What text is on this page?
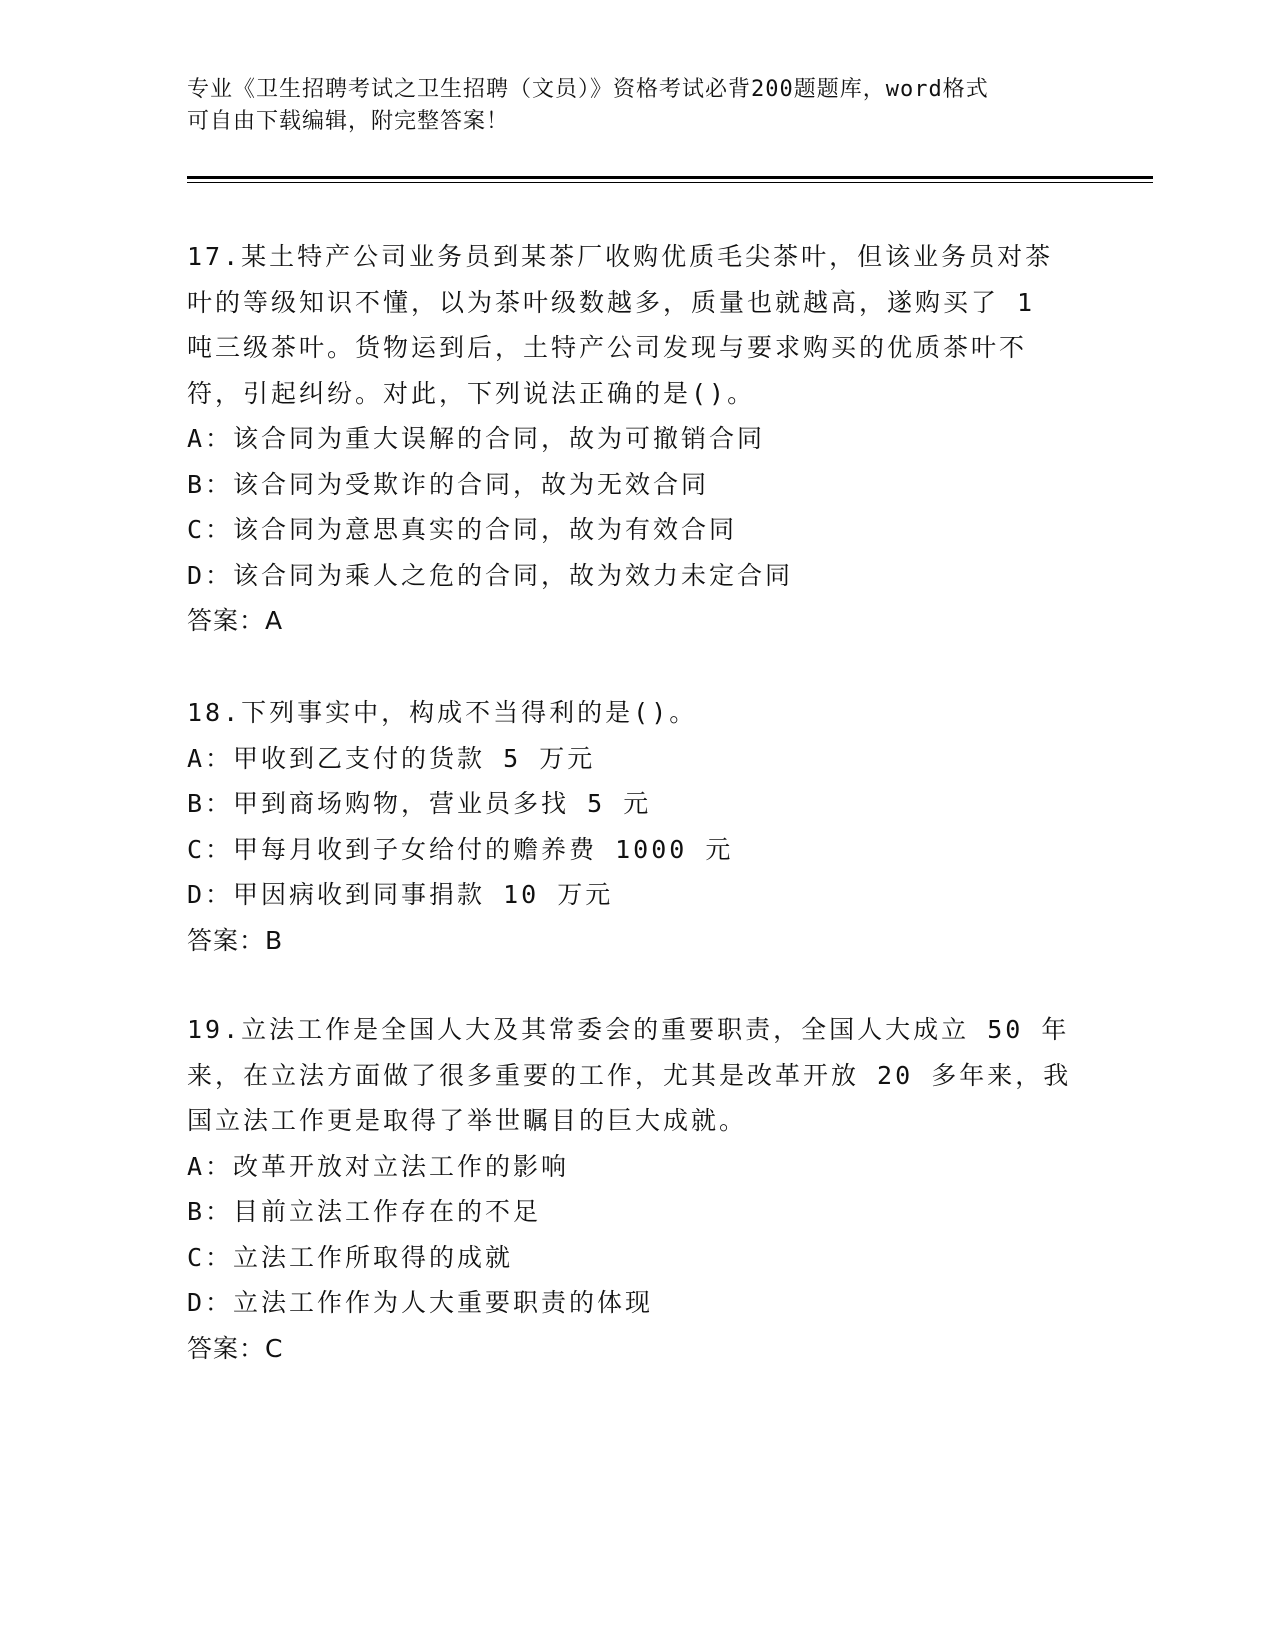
专业《卫生招聘考试之卫生招聘（文员）》资格考试必背200题题库，word格式
可自由下载编辑，附完整答案！
17.某土特产公司业务员到某茶厂收购优质毛尖茶叶，但该业务员对茶
叶的等级知识不懂，以为茶叶级数越多，质量也就越高，遂购买了 1
吨三级茶叶。货物运到后，土特产公司发现与要求购买的优质茶叶不
符，引起纠纷。对此，下列说法正确的是()。
A：该合同为重大误解的合同，故为可撤销合同
B：该合同为受欺诈的合同，故为无效合同
C：该合同为意思真实的合同，故为有效合同
D：该合同为乘人之危的合同，故为效力未定合同
答案：A
18.下列事实中，构成不当得利的是()。
A：甲收到乙支付的货款 5 万元
B：甲到商场购物，营业员多找 5 元
C：甲每月收到子女给付的赡养费 1000 元
D：甲因病收到同事捐款 10 万元
答案：B
19.立法工作是全国人大及其常委会的重要职责，全国人大成立 50 年
来，在立法方面做了很多重要的工作，尤其是改革开放 20 多年来，我
国立法工作更是取得了举世瞩目的巨大成就。
A：改革开放对立法工作的影响
B：目前立法工作存在的不足
C：立法工作所取得的成就
D：立法工作作为人大重要职责的体现
答案：C
